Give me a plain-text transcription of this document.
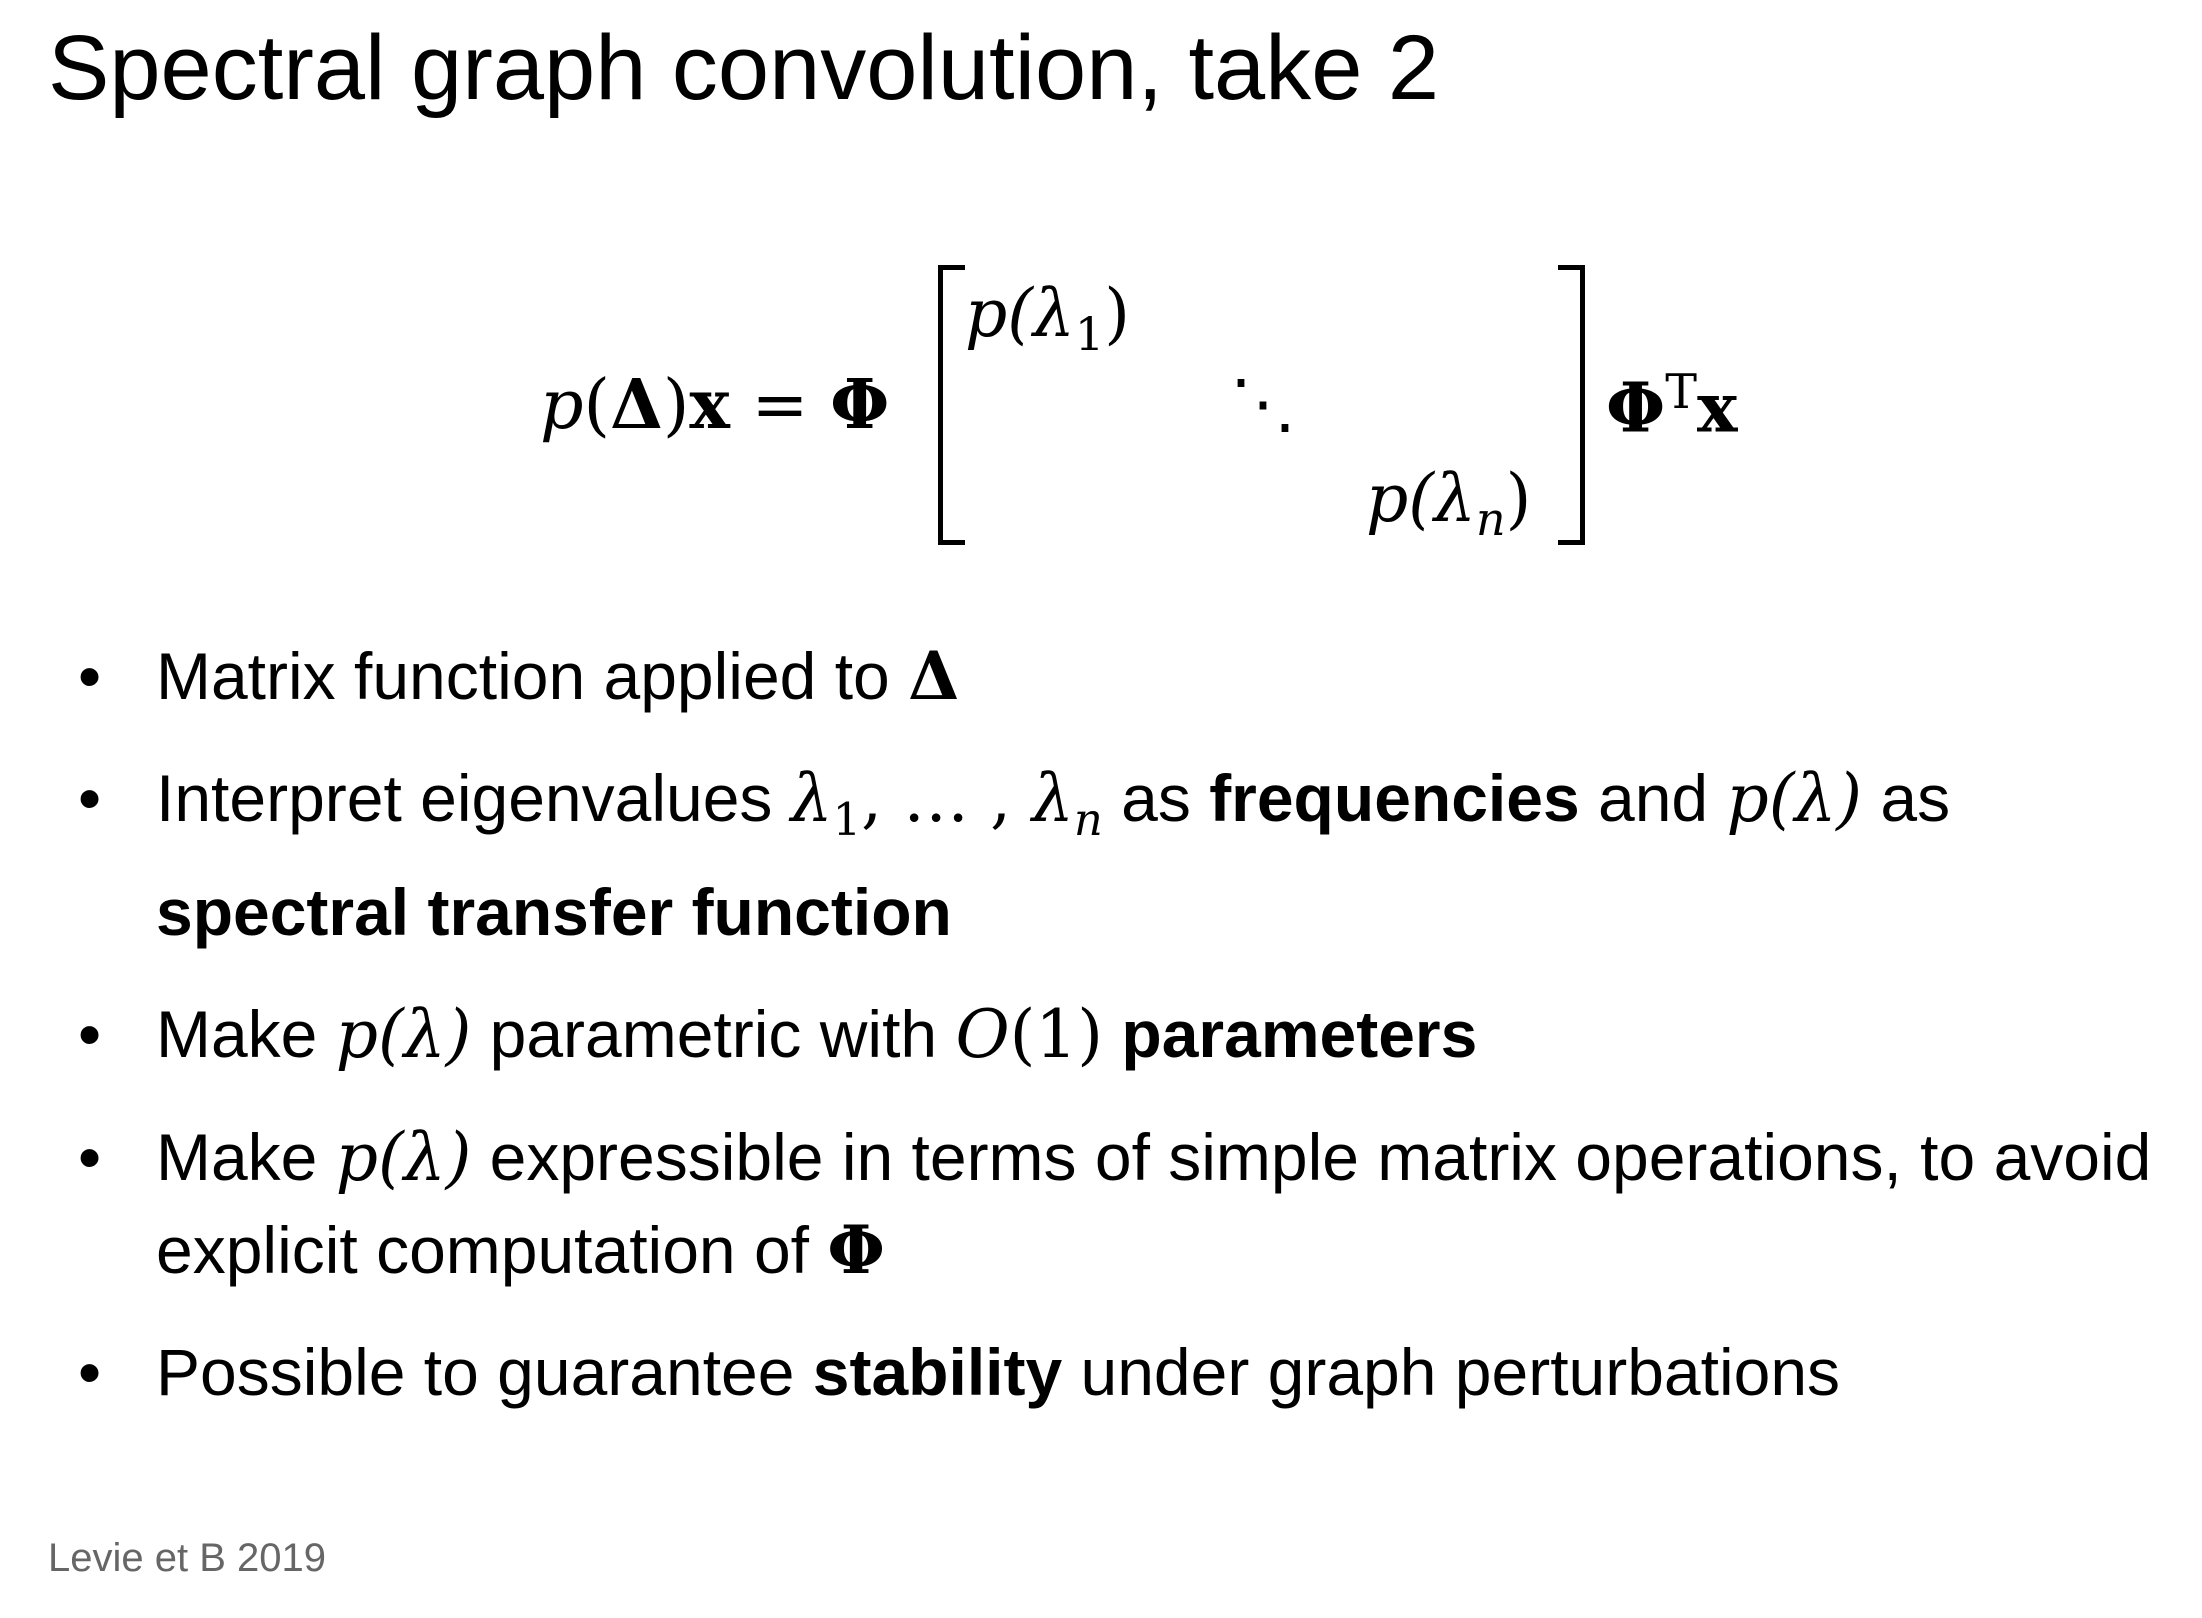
Spectral graph convolution, take 2
p(Δ)x = Φ
$p(\lambda_1)$
⋱
$p(\lambda_n)$
$\Phi^Tx$
• Matrix function applied to Δ
• Interpret eigenvalues $\lambda_1$, … , $\lambda_n$ as frequencies and p(λ) as
spectral transfer function
• Make p(λ) parametric with O(1) parameters
• Make p(λ) expressible in terms of simple matrix operations, to avoid explicit computation of Φ
• Possible to guarantee stability under graph perturbations
Levie et B 2019
